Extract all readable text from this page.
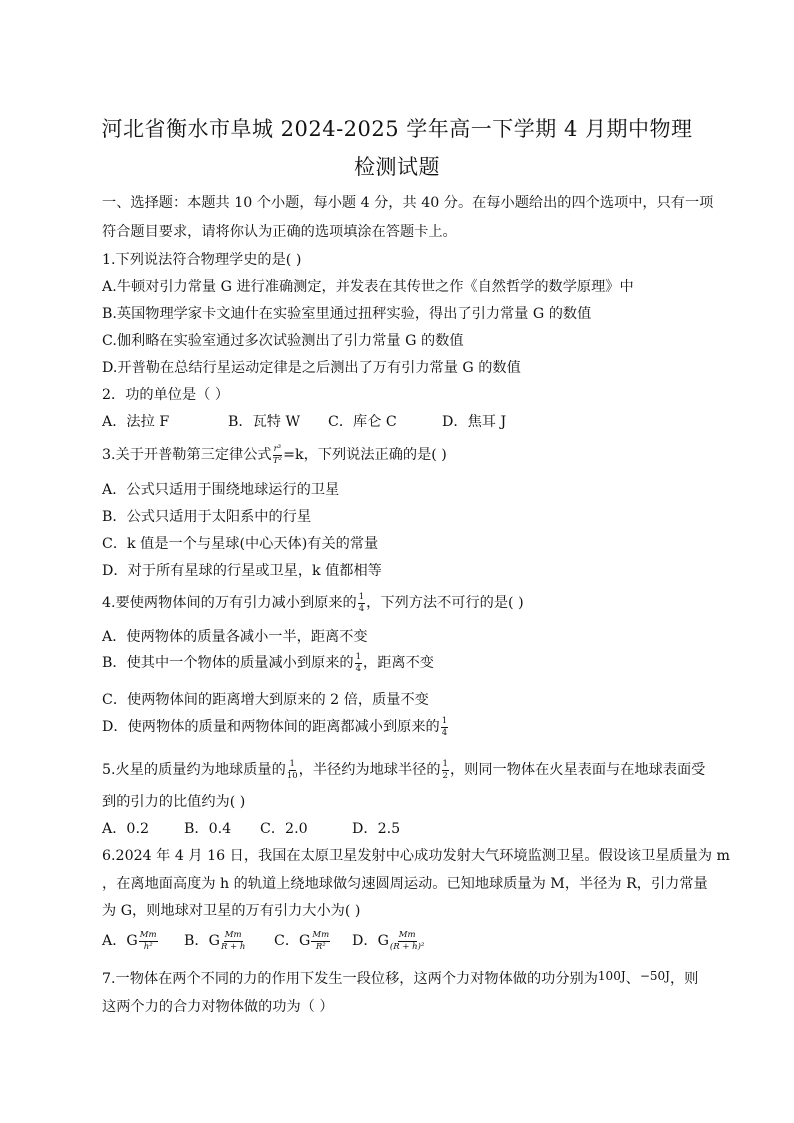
河北省衡水市阜城 2024-2025 学年高一下学期 4 月期中物理
检测试题
一、选择题：本题共 10 个小题，每小题 4 分，共 40 分。在每小题给出的四个选项中，只有一项
符合题目要求，请将你认为正确的选项填涂在答题卡上。
1.下列说法符合物理学史的是( )
A.牛顿对引力常量 G 进行准确测定，并发表在其传世之作《自然哲学的数学原理》中
B.英国物理学家卡文迪什在实验室里通过扭秤实验，得出了引力常量 G 的数值
C.伽利略在实验室通过多次试验测出了引力常量 G 的数值
D.开普勒在总结行星运动定律是之后测出了万有引力常量 G 的数值
2．功的单位是（ ）
A．法拉 F	B．瓦特 W C．库仑 C	D．焦耳 J
3.关于开普勒第三定律公式 $\frac{\text{r³}}{\text{T²}} =k$，下列说法正确的是( )
A．公式只适用于围绕地球运行的卫星
B．公式只适用于太阳系中的行星
C．k 值是一个与星球(中心天体)有关的常量
D．对于所有星球的行星或卫星，k 值都相等
4.要使两物体间的万有引力减小到原来的 $\frac{1}{4}$ ，下列方法不可行的是( )
A．使两物体的质量各减小一半，距离不变
B．使其中一个物体的质量减小到原来的 $\frac{1}{4}$ ，距离不变
C．使两物体间的距离增大到原来的 2 倍，质量不变
D．使两物体的质量和两物体间的距离都减小到原来的 $\frac{1}{4}$
5.火星的质量约为地球质量的 $\frac{1}{10}$ ，半径约为地球半径的 $\frac{1}{2}$ ，则同一物体在火星表面与在地球表面受
到的引力的比值约为( )
A．0.2 B．0.4 C．2.0	D．2.5
6.2024 年 4 月 16 日，我国在太原卫星发射中心成功发射大气环境监测卫星。假设该卫星质量为 m
，在离地面高度为 h 的轨道上绕地球做匀速圆周运动。已知地球质量为 M，半径为 R，引力常量
为 G，则地球对卫星的万有引力大小为( )
A．G $\frac{Mm}{\text{h²}}$ B．G $\frac{Mm}{R + h}$ C．G $\frac{Mm}{\text{R²}}$ D．G $\frac{Mm}{\text{(R + h)²}}$
7.一物体在两个不同的力的作用下发生一段位移，这两个力对物体做的功分别为$^{100J}$、$^{-50J}$，则
这两个力的合力对物体做的功为（ ）
